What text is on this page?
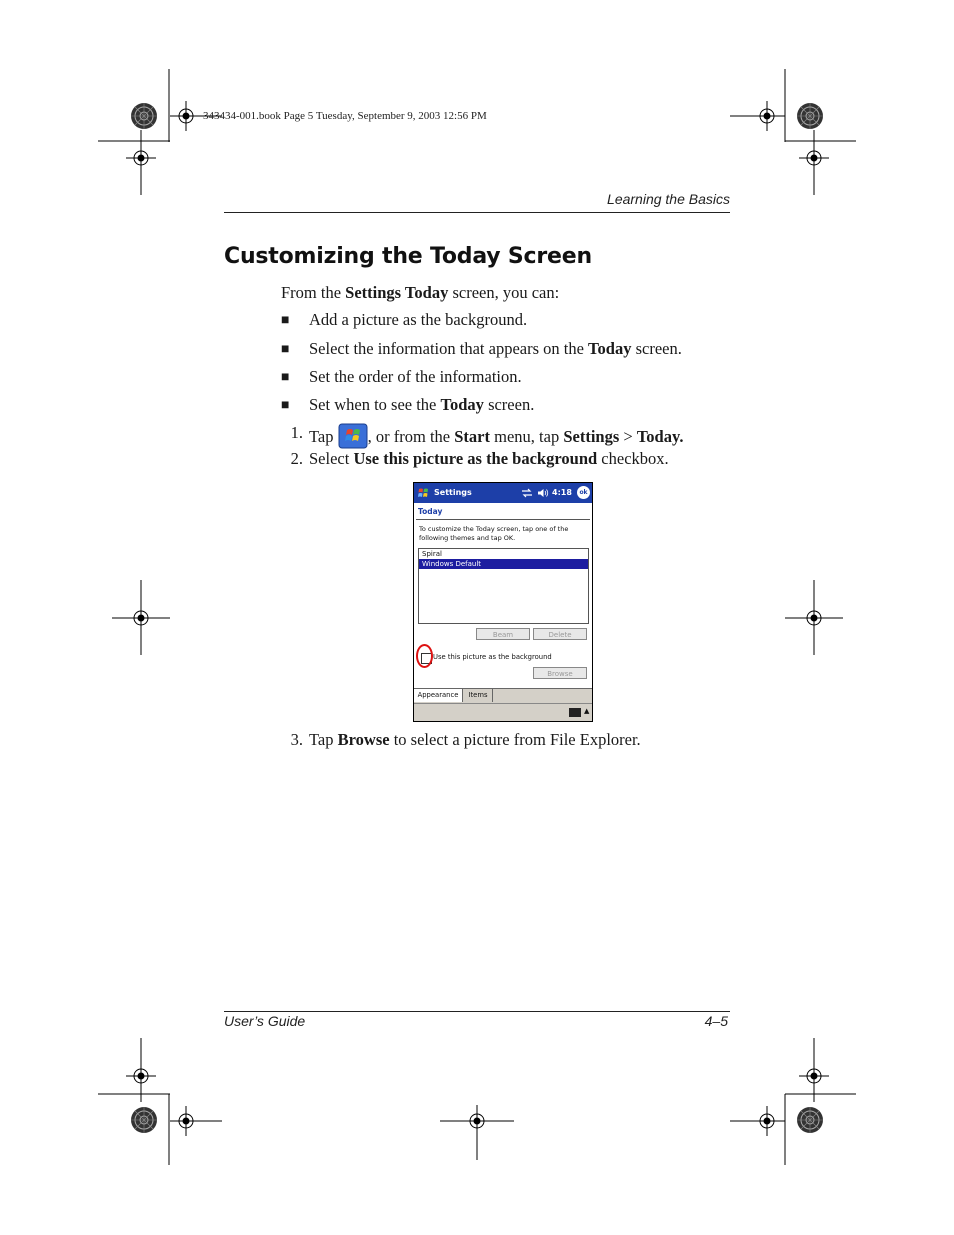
343434-001.book Page 5 Tuesday, September 9, 2003 12:56 PM
Learning the Basics
Customizing the Today Screen
From the Settings Today screen, you can:
■ Add a picture as the background.
■ Select the information that appears on the Today screen.
■ Set the order of the information.
■ Set when to see the Today screen.
1. Tap , or from the Start menu, tap Settings > Today.
2. Select Use this picture as the background checkbox.
Settings	4:18	ok
Today
To customize the Today screen, tap one of the following themes and tap OK.
Spiral
Windows Default
Beam	Delete
Use this picture as the background
Browse
Appearance	Items
▲
3. Tap Browse to select a picture from File Explorer.
User’s Guide	4–5
